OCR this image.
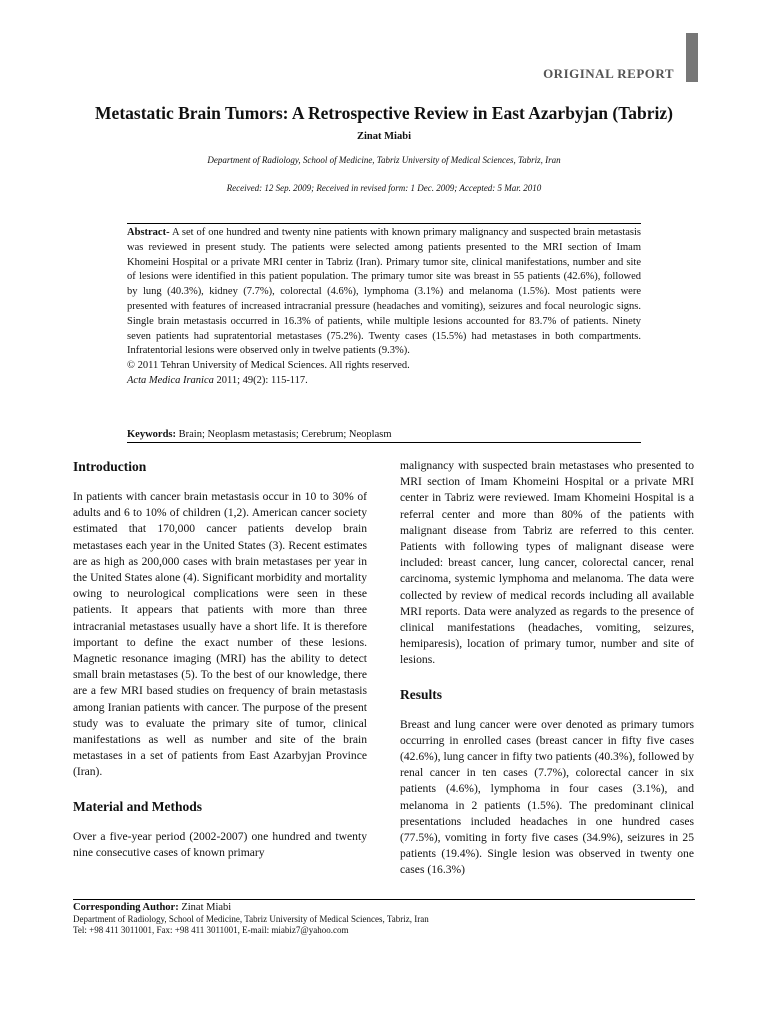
ORIGINAL REPORT
Metastatic Brain Tumors: A Retrospective Review in East Azarbyjan (Tabriz)
Zinat Miabi
Department of Radiology, School of Medicine, Tabriz University of Medical Sciences, Tabriz, Iran
Received: 12 Sep. 2009; Received in revised form: 1 Dec. 2009; Accepted: 5 Mar. 2010

Abstract- A set of one hundred and twenty nine patients with known primary malignancy and suspected brain metastasis was reviewed in present study. The patients were selected among patients presented to the MRI section of Imam Khomeini Hospital or a private MRI center in Tabriz (Iran). Primary tumor site, clinical manifestations, number and site of lesions were identified in this patient population. The primary tumor site was breast in 55 patients (42.6%), followed by lung (40.3%), kidney (7.7%), colorectal (4.6%), lymphoma (3.1%) and melanoma (1.5%). Most patients were presented with features of increased intracranial pressure (headaches and vomiting), seizures and focal neurologic signs. Single brain metastasis occurred in 16.3% of patients, while multiple lesions accounted for 83.7% of patients. Ninety seven patients had supratentorial metastases (75.2%). Twenty cases (15.5%) had metastases in both compartments. Infratentorial lesions were observed only in twelve patients (9.3%).

© 2011 Tehran University of Medical Sciences. All rights reserved.

Acta Medica Iranica 2011; 49(2): 115-117.

Keywords: Brain; Neoplasm metastasis; Cerebrum; Neoplasm
Introduction

In patients with cancer brain metastasis occur in 10 to 30% of adults and 6 to 10% of children (1,2). American cancer society estimated that 170,000 cancer patients develop brain metastases each year in the United States (3). Recent estimates are as high as 200,000 cases with brain metastases per year in the United States alone (4). Significant morbidity and mortality owing to neurological complications were seen in these patients. It appears that patients with more than three intracranial metastases usually have a short life. It is therefore important to define the exact number of these lesions. Magnetic resonance imaging (MRI) has the ability to detect small brain metastases (5). To the best of our knowledge, there are a few MRI based studies on frequency of brain metastasis among Iranian patients with cancer. The purpose of the present study was to evaluate the primary site of tumor, clinical manifestations as well as number and site of the brain metastases in a set of patients from East Azarbyjan Province (Iran).

Material and Methods

Over a five-year period (2002-2007) one hundred and twenty nine consecutive cases of known primary

malignancy with suspected brain metastases who presented to MRI section of Imam Khomeini Hospital or a private MRI center in Tabriz were reviewed. Imam Khomeini Hospital is a referral center and more than 80% of the patients with malignant disease from Tabriz are referred to this center. Patients with following types of malignant disease were included: breast cancer, lung cancer, colorectal cancer, renal carcinoma, systemic lymphoma and melanoma. The data were collected by review of medical records including all available MRI reports. Data were analyzed as regards to the presence of clinical manifestations (headaches, vomiting, seizures, hemiparesis), location of primary tumor, number and site of lesions.

Results

Breast and lung cancer were over denoted as primary tumors occurring in enrolled cases (breast cancer in fifty five cases (42.6%), lung cancer in fifty two patients (40.3%), followed by renal cancer in ten cases (7.7%), colorectal cancer in six patients (4.6%), lymphoma in four cases (3.1%), and melanoma in 2 patients (1.5%). The predominant clinical presentations included headaches in one hundred cases (77.5%), vomiting in forty five cases (34.9%), seizures in 25 patients (19.4%). Single lesion was observed in twenty one cases (16.3%)

Corresponding Author: Zinat Miabi
Department of Radiology, School of Medicine, Tabriz University of Medical Sciences, Tabriz, Iran
Tel: +98 411 3011001, Fax: +98 411 3011001, E-mail: miabiz7@yahoo.com
